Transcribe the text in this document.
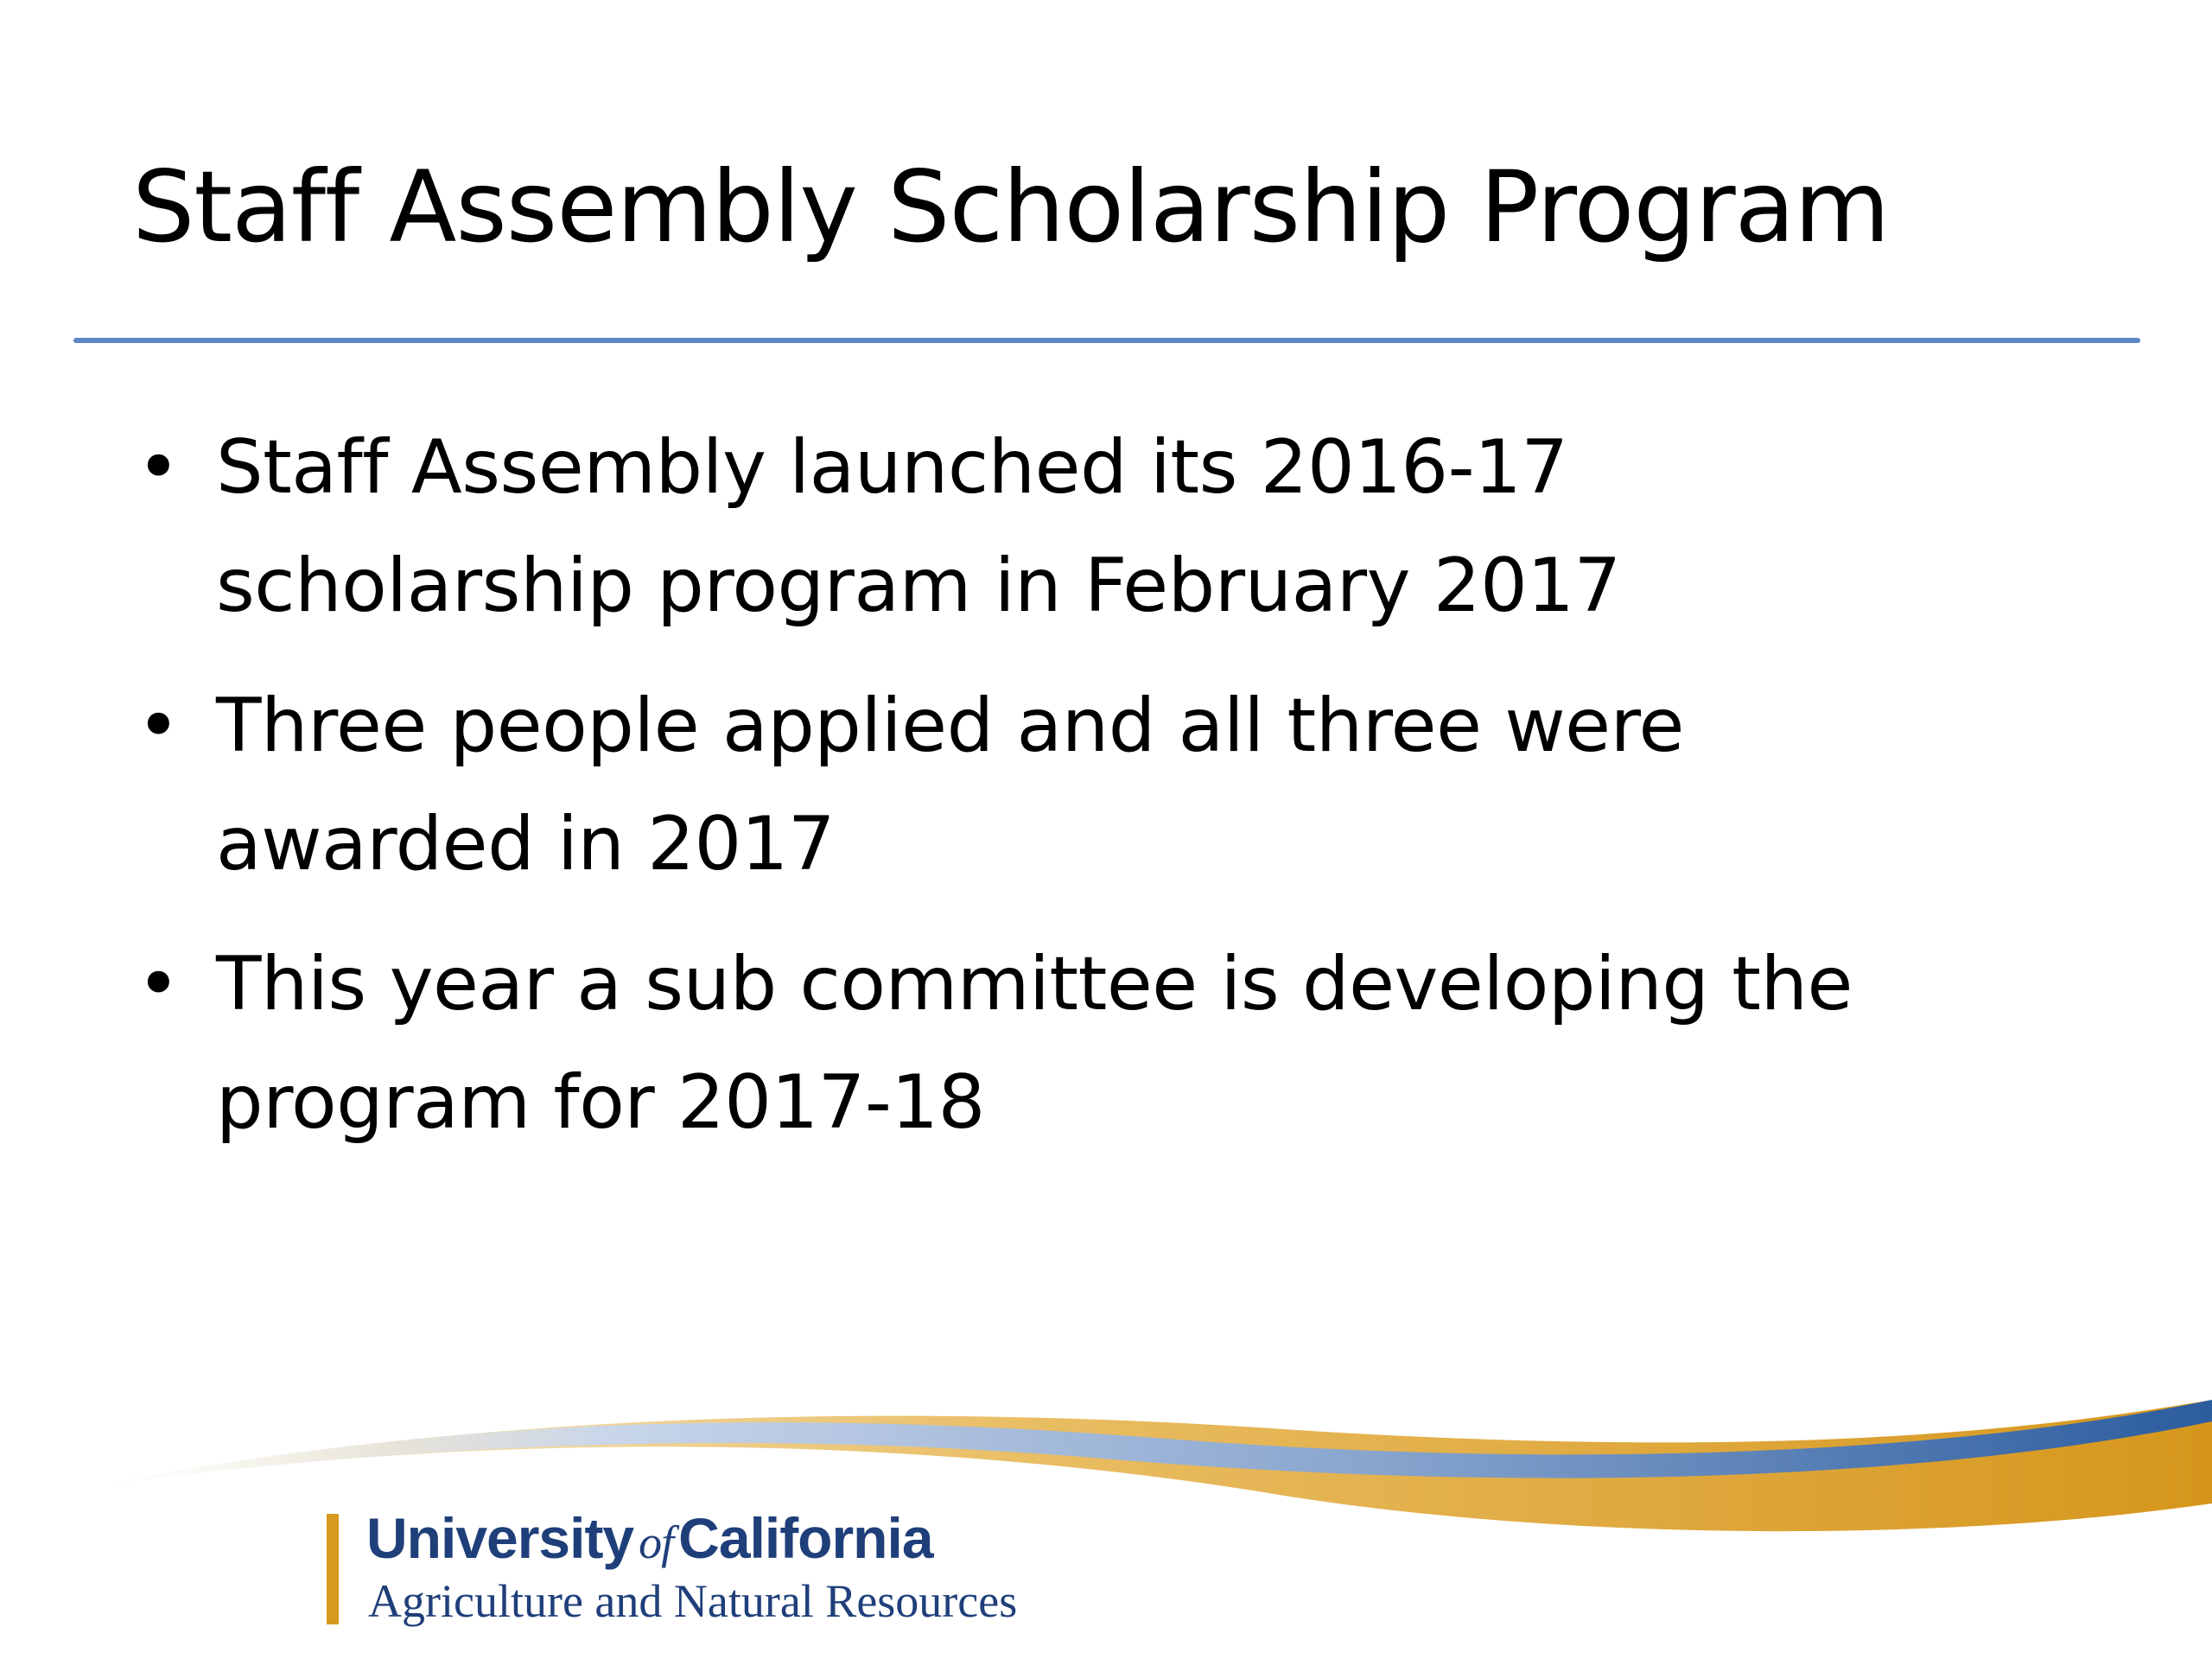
Staff Assembly Scholarship Program
• Staff Assembly launched its 2016-17
scholarship program in February 2017
• Three people applied and all three were
awarded in 2017
• This year a sub committee is developing the
program for 2017-18
University ofCalifornia
Agriculture and Natural Resources
